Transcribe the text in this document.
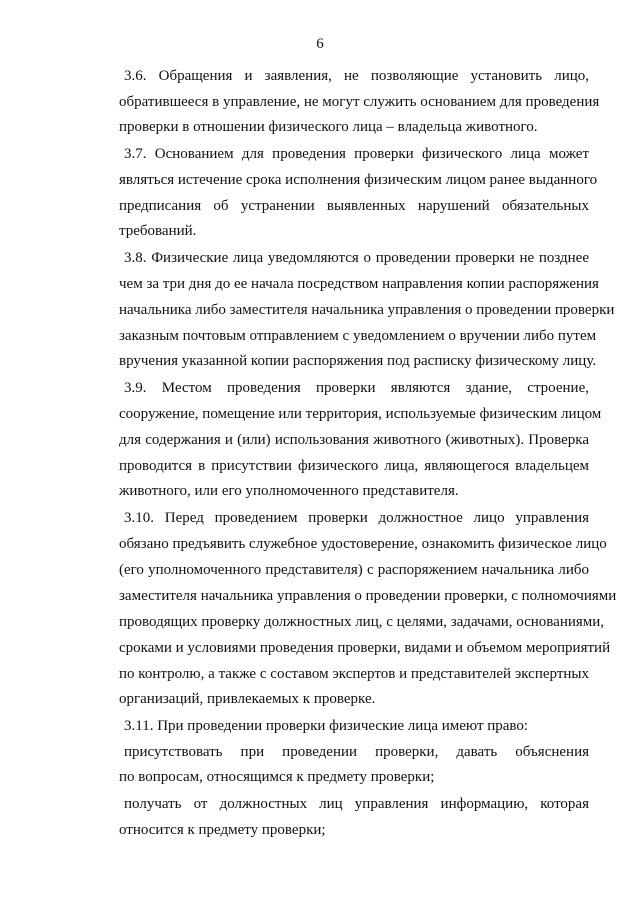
6
3.6. Обращения и заявления, не позволяющие установить лицо,
обратившееся в управление, не могут служить основанием для проведения
проверки в отношении физического лица – владельца животного.
3.7. Основанием для проведения проверки физического лица может
являться истечение срока исполнения физическим лицом ранее выданного
предписания об устранении выявленных нарушений обязательных
требований.
3.8. Физические лица уведомляются о проведении проверки не позднее
чем за три дня до ее начала посредством направления копии распоряжения
начальника либо заместителя начальника управления о проведении проверки
заказным почтовым отправлением с уведомлением о вручении либо путем
вручения указанной копии распоряжения под расписку физическому лицу.
3.9. Местом проведения проверки являются здание, строение,
сооружение, помещение или территория, используемые физическим лицом
для содержания и (или) использования животного (животных). Проверка
проводится в присутствии физического лица, являющегося владельцем
животного, или его уполномоченного представителя.
3.10. Перед проведением проверки должностное лицо управления
обязано предъявить служебное удостоверение, ознакомить физическое лицо
(его уполномоченного представителя) с распоряжением начальника либо
заместителя начальника управления о проведении проверки, с полномочиями
проводящих проверку должностных лиц, с целями, задачами, основаниями,
сроками и условиями проведения проверки, видами и объемом мероприятий
по контролю, а также с составом экспертов и представителей экспертных
организаций, привлекаемых к проверке.
3.11. При проведении проверки физические лица имеют право:
присутствовать при проведении проверки, давать объяснения
по вопросам, относящимся к предмету проверки;
получать от должностных лиц управления информацию, которая
относится к предмету проверки;
